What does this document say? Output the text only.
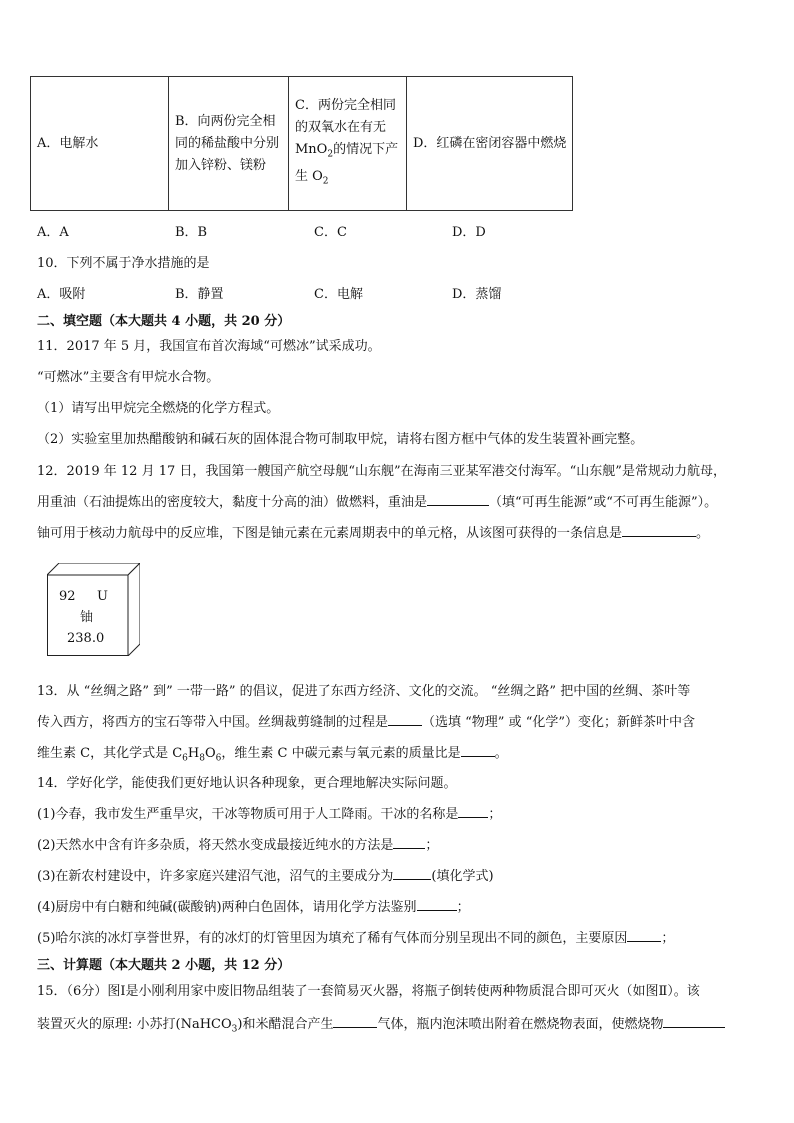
A．电解水	B．向两份完全相同的稀盐酸中分别加入锌粉、镁粉	C．两份完全相同的双氧水在有无MnO$_2$的情况下产生 $O_2$	D．红磷在密闭容器中燃烧
A．A	B．B	C．C	D．D
10．下列不属于净水措施的是
A．吸附	B．静置	C．电解	D．蒸馏
二、填空题（本大题共 4 小题，共 20 分）
11．2017 年 5 月，我国宣布首次海域“可燃冰”试采成功。
“可燃冰”主要含有甲烷水合物。
（1）请写出甲烷完全燃烧的化学方程式。
（2）实验室里加热醋酸钠和碱石灰的固体混合物可制取甲烷，请将右图方框中气体的发生装置补画完整。
12．2019 年 12 月 17 日，我国第一艘国产航空母舰“山东舰”在海南三亚某军港交付海军。“山东舰”是常规动力航母，
用重油（石油提炼出的密度较大，黏度十分高的油）做燃料，重油是	（填“可再生能源”或“不可再生能源”）。
铀可用于核动力航母中的反应堆，下图是铀元素在元素周期表中的单元格，从该图可获得的一条信息是	。
92 U
铀
238.0
13．从 “丝绸之路” 到” 一带一路” 的倡议，促进了东西方经济、文化的交流。 “丝绸之路” 把中国的丝绸、茶叶等
传入西方，将西方的宝石等带入中国。丝绸裁剪缝制的过程是	（选填 “物理” 或 “化学”）变化；新鲜茶叶中含
维生素 C，其化学式是 $C_6H_8O_6$，维生素 C 中碳元素与氧元素的质量比是	。
14．学好化学，能使我们更好地认识各种现象，更合理地解决实际问题。
(1)今春，我市发生严重旱灾，干冰等物质可用于人工降雨。干冰的名称是 ；
(2)天然水中含有许多杂质，将天然水变成最接近纯水的方法是 ；
(3)在新农村建设中，许多家庭兴建沼气池，沼气的主要成分为	(填化学式)
(4)厨房中有白糖和纯碱(碳酸钠)两种白色固体，请用化学方法鉴别	；
(5)哈尔滨的冰灯享誉世界，有的冰灯的灯管里因为填充了稀有气体而分别呈现出不同的颜色，主要原因	；
三、计算题（本大题共 2 小题，共 12 分）
15．（6分）图Ⅰ是小刚利用家中废旧物品组装了一套简易灭火器，将瓶子倒转使两种物质混合即可灭火（如图Ⅱ）。该
装置灭火的原理: 小苏打(NaHCO$_3$)和米醋混合产生	气体，瓶内泡沫喷出附着在燃烧物表面，使燃烧物
